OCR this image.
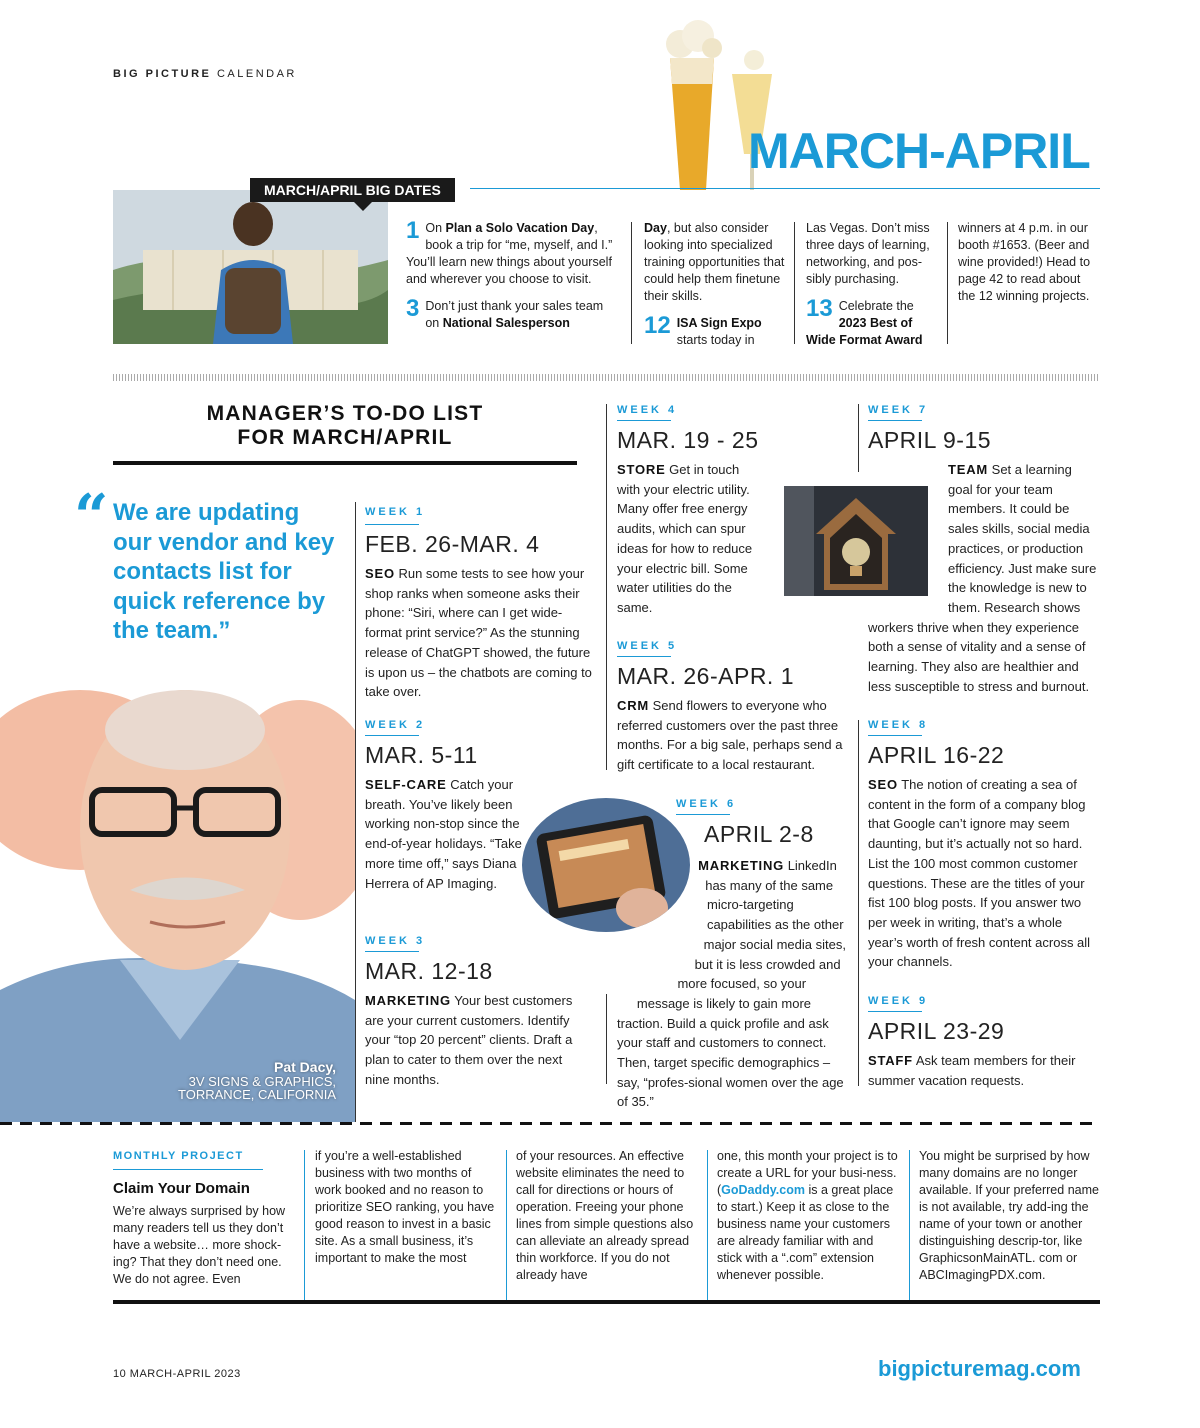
BIG PICTURE CALENDAR
MARCH-APRIL
MARCH/APRIL BIG DATES
1 On Plan a Solo Vacation Day, book a trip for “me, myself, and I.” You’ll learn new things about yourself and wherever you choose to visit.
3 Don’t just thank your sales team on National Salesperson
Day, but also consider looking into specialized training opportunities that could help them finetune their skills.
12 ISA Sign Expo starts today in
Las Vegas. Don’t miss three days of learning, networking, and pos-sibly purchasing.
13 Celebrate the 2023 Best of Wide Format Award
winners at 4 p.m. in our booth #1653. (Beer and wine provided!) Head to page 42 to read about the 12 winning projects.
MANAGER’S TO-DO LIST
FOR MARCH/APRIL
“ We are updating our vendor and key contacts list for quick reference by the team.”
Pat Dacy,
3V SIGNS & GRAPHICS,
TORRANCE, CALIFORNIA
WEEK 1
FEB. 26-MAR. 4
SEO Run some tests to see how your shop ranks when someone asks their phone: “Siri, where can I get wide-format print service?” As the stunning release of ChatGPT showed, the future is upon us – the chatbots are coming to take over.
WEEK 2
MAR. 5-11
SELF-CARE Catch your breath. You’ve likely been working non-stop since the end-of-year holidays. “Take more time off,” says Diana Herrera of AP Imaging.
WEEK 3
MAR. 12-18
MARKETING Your best customers are your current customers. Identify your “top 20 percent” clients. Draft a plan to cater to them over the next nine months.
WEEK 4
MAR. 19 - 25
STORE Get in touch with your electric utility. Many offer free energy audits, which can spur ideas for how to reduce your electric bill. Some water utilities do the same.
WEEK 5
MAR. 26-APR. 1
CRM Send flowers to everyone who referred customers over the past three months. For a big sale, perhaps send a gift certificate to a local restaurant.
WEEK 6
APRIL 2-8
MARKETING LinkedIn has many of the same micro-targeting capabilities as the other major social media sites, but it is less crowded and more focused, so your message is likely to gain more traction. Build a quick profile and ask your staff and customers to connect. Then, target specific demographics – say, “profes-sional women over the age of 35.”
WEEK 7
APRIL 9-15
TEAM Set a learning goal for your team members. It could be sales skills, social media practices, or production efficiency. Just make sure the knowledge is new to them. Research shows workers thrive when they experience both a sense of vitality and a sense of learning. They also are healthier and less susceptible to stress and burnout.
WEEK 8
APRIL 16-22
SEO The notion of creating a sea of content in the form of a company blog that Google can’t ignore may seem daunting, but it’s actually not so hard. List the 100 most common customer questions. These are the titles of your fist 100 blog posts. If you answer two per week in writing, that’s a whole year’s worth of fresh content across all your channels.
WEEK 9
APRIL 23-29
STAFF Ask team members for their summer vacation requests.
MONTHLY PROJECT
Claim Your Domain
We’re always surprised by how many readers tell us they don’t have a website… more shock-ing? That they don’t need one. We do not agree. Even
if you’re a well-established business with two months of work booked and no reason to prioritize SEO ranking, you have good reason to invest in a basic site. As a small business, it’s important to make the most
of your resources. An effective website eliminates the need to call for directions or hours of operation. Freeing your phone lines from simple questions also can alleviate an already spread thin workforce. If you do not already have
one, this month your project is to create a URL for your busi-ness. (GoDaddy.com is a great place to start.) Keep it as close to the business name your customers are already familiar with and stick with a “.com” extension whenever possible.
You might be surprised by how many domains are no longer available. If your preferred name is not available, try add-ing the name of your town or another distinguishing descrip-tor, like GraphicsonMainATL. com or ABCImagingPDX.com.
10 MARCH-APRIL 2023	bigpicturemag.com
